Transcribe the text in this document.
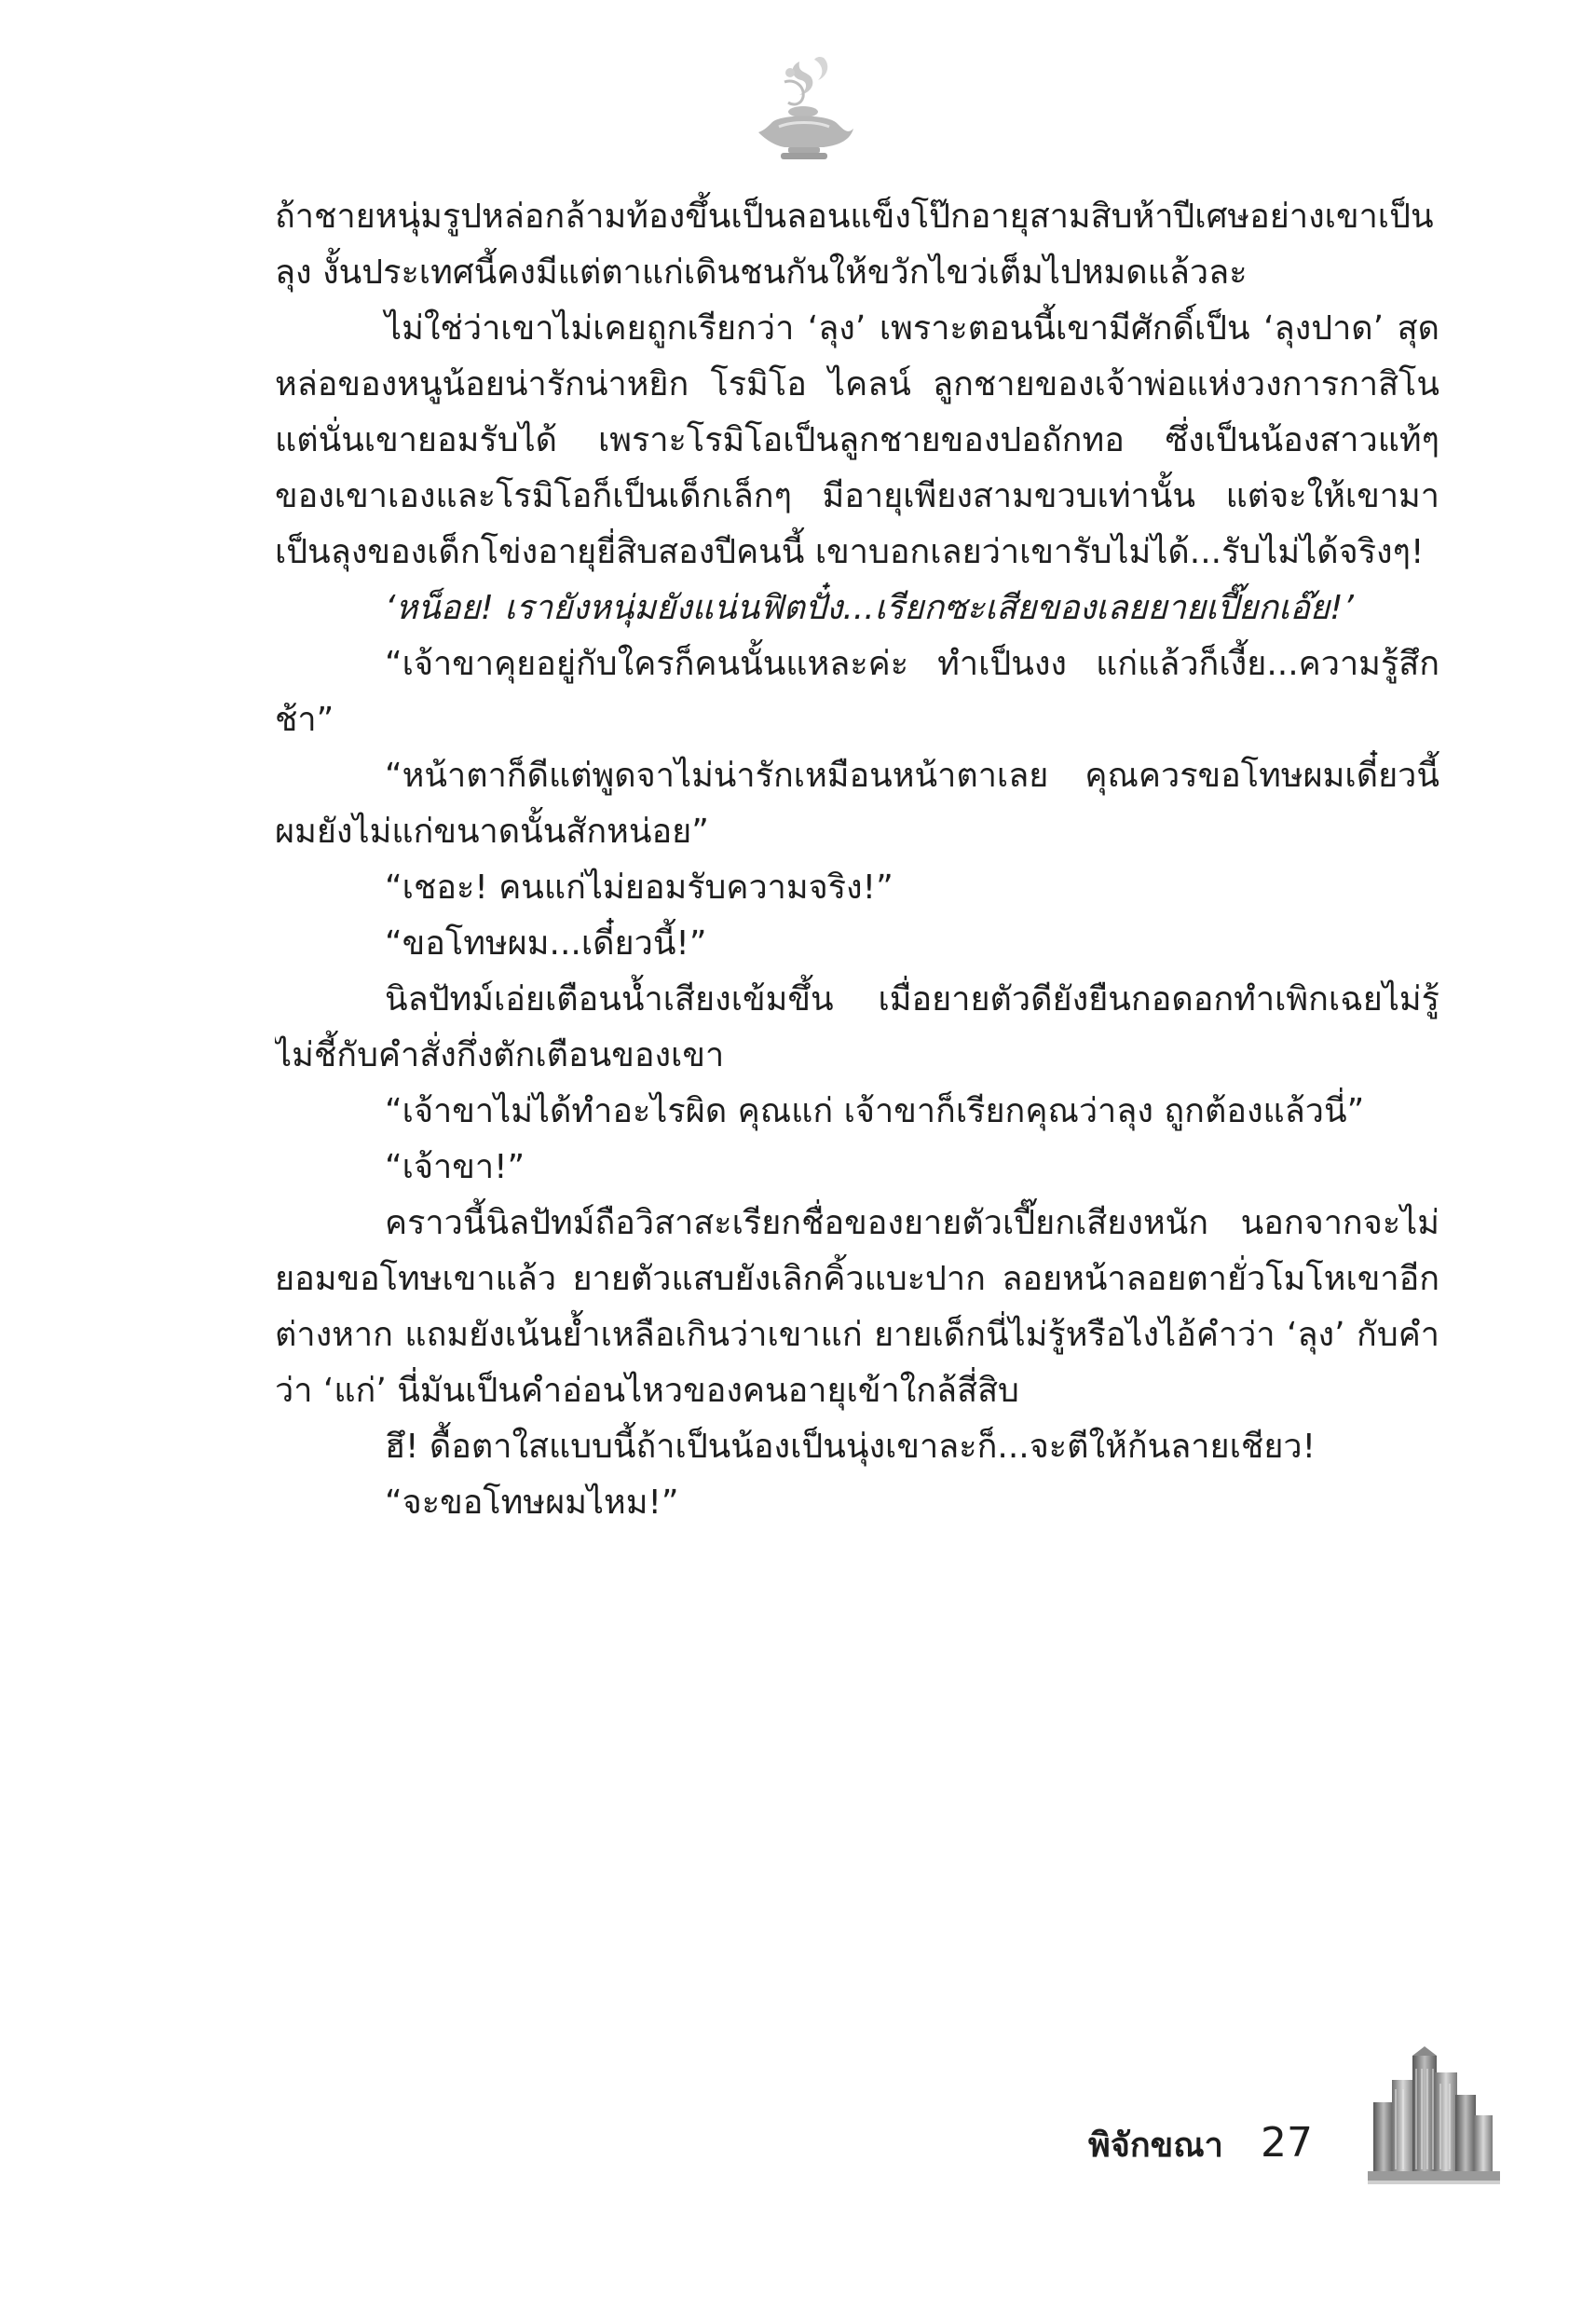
ถ้าชายหนุ่มรูปหล่อกล้ามท้องขึ้นเป็นลอนแข็งโป๊กอายุสามสิบห้าปีเศษอย่างเขาเป็นลุง งั้นประเทศนี้คงมีแต่ตาแก่เดินชนกันให้ขวักไขว่เต็มไปหมดแล้วละ

ไม่ใช่ว่าเขาไม่เคยถูกเรียกว่า ‘ลุง’ เพราะตอนนี้เขามีศักดิ์เป็น ‘ลุงปาด’ สุดหล่อของหนูน้อยน่ารักน่าหยิก โรมิโอ ไคลน์ ลูกชายของเจ้าพ่อแห่งวงการกาสิโน แต่นั่นเขายอมรับได้ เพราะโรมิโอเป็นลูกชายของปอถักทอ ซึ่งเป็นน้องสาวแท้ๆ ของเขาเองและโรมิโอก็เป็นเด็กเล็กๆ มีอายุเพียงสามขวบเท่านั้น แต่จะให้เขามาเป็นลุงของเด็กโข่งอายุยี่สิบสองปีคนนี้ เขาบอกเลยว่าเขารับไม่ได้...รับไม่ได้จริงๆ!

‘หน็อย! เรายังหนุ่มยังแน่นฟิตปั๋ง...เรียกซะเสียของเลยยายเปี๊ยกเอ๊ย!’

“เจ้าขาคุยอยู่กับใครก็คนนั้นแหละค่ะ ทำเป็นงง แก่แล้วก็เงี้ย...ความรู้สึกช้า”

“หน้าตาก็ดีแต่พูดจาไม่น่ารักเหมือนหน้าตาเลย คุณควรขอโทษผมเดี๋ยวนี้ ผมยังไม่แก่ขนาดนั้นสักหน่อย”

“เชอะ! คนแก่ไม่ยอมรับความจริง!”

“ขอโทษผม...เดี๋ยวนี้!”

นิลปัทม์เอ่ยเตือนน้ำเสียงเข้มขึ้น เมื่อยายตัวดียังยืนกอดอกทำเพิกเฉยไม่รู้ไม่ชี้กับคำสั่งกึ่งตักเตือนของเขา

“เจ้าขาไม่ได้ทำอะไรผิด คุณแก่ เจ้าขาก็เรียกคุณว่าลุง ถูกต้องแล้วนี่”

“เจ้าขา!”

คราวนี้นิลปัทม์ถือวิสาสะเรียกชื่อของยายตัวเปี๊ยกเสียงหนัก นอกจากจะไม่ยอมขอโทษเขาแล้ว ยายตัวแสบยังเลิกคิ้วแบะปาก ลอยหน้าลอยตายั่วโมโหเขาอีกต่างหาก แถมยังเน้นย้ำเหลือเกินว่าเขาแก่ ยายเด็กนี่ไม่รู้หรือไงไอ้คำว่า ‘ลุง’ กับคำว่า ‘แก่’ นี่มันเป็นคำอ่อนไหวของคนอายุเข้าใกล้สี่สิบ

ฮึ! ดื้อตาใสแบบนี้ถ้าเป็นน้องเป็นนุ่งเขาละก็...จะตีให้ก้นลายเชียว!

“จะขอโทษผมไหม!”

พิจักขณา 27
